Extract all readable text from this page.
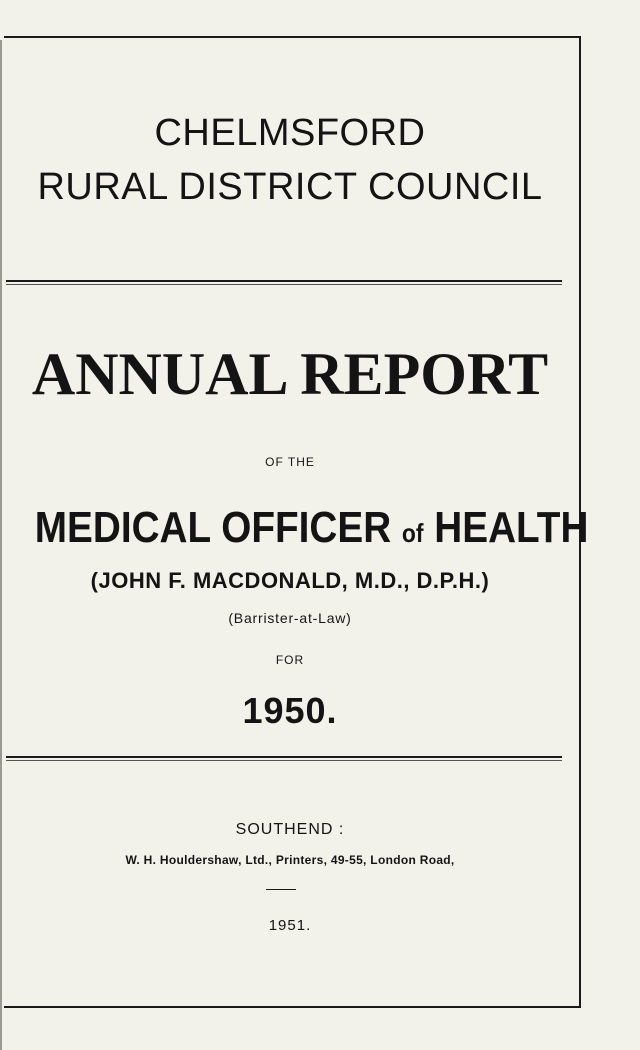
CHELMSFORD
RURAL DISTRICT COUNCIL
ANNUAL REPORT
OF THE
MEDICAL OFFICER of HEALTH
(JOHN F. MACDONALD, M.D., D.P.H.)
(Barrister-at-Law)
FOR
1950.
SOUTHEND :
W. H. Houldershaw, Ltd., Printers, 49-55, London Road,
1951.
